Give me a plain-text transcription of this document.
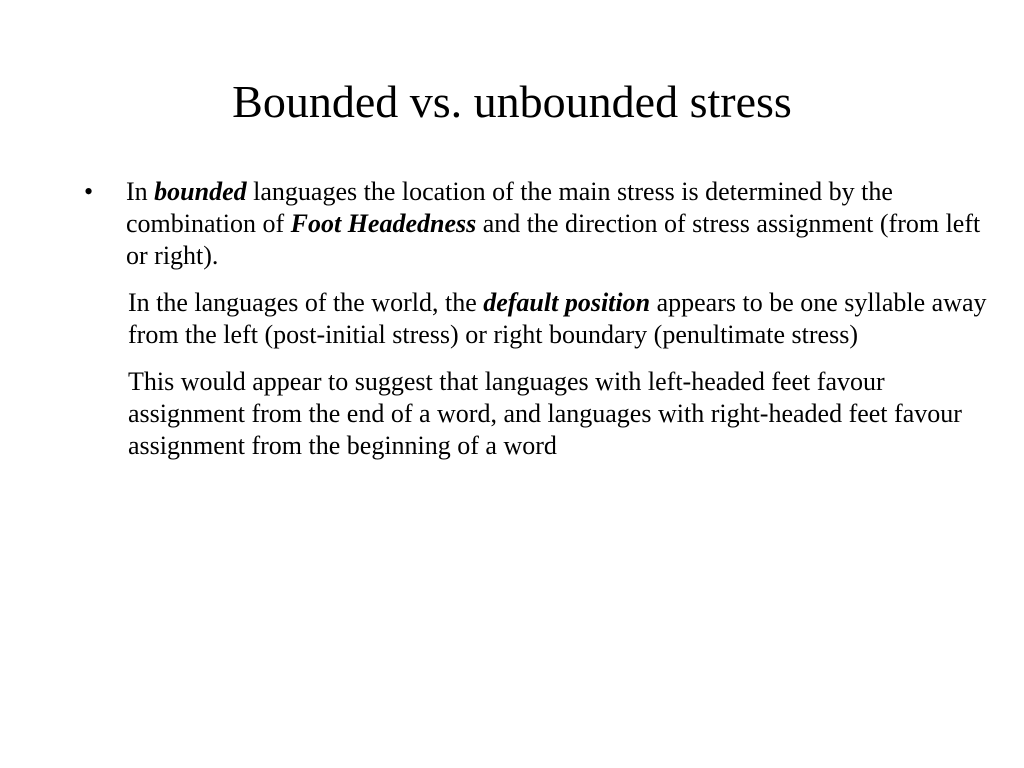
Bounded vs. unbounded stress

• In bounded languages the location of the main stress is determined by the combination of Foot Headedness and the direction of stress assignment (from left or right).

In the languages of the world, the default position appears to be one syllable away from the left (post-initial stress) or right boundary (penultimate stress)

This would appear to suggest that languages with left-headed feet favour assignment from the end of a word, and languages with right-headed feet favour assignment from the beginning of a word
